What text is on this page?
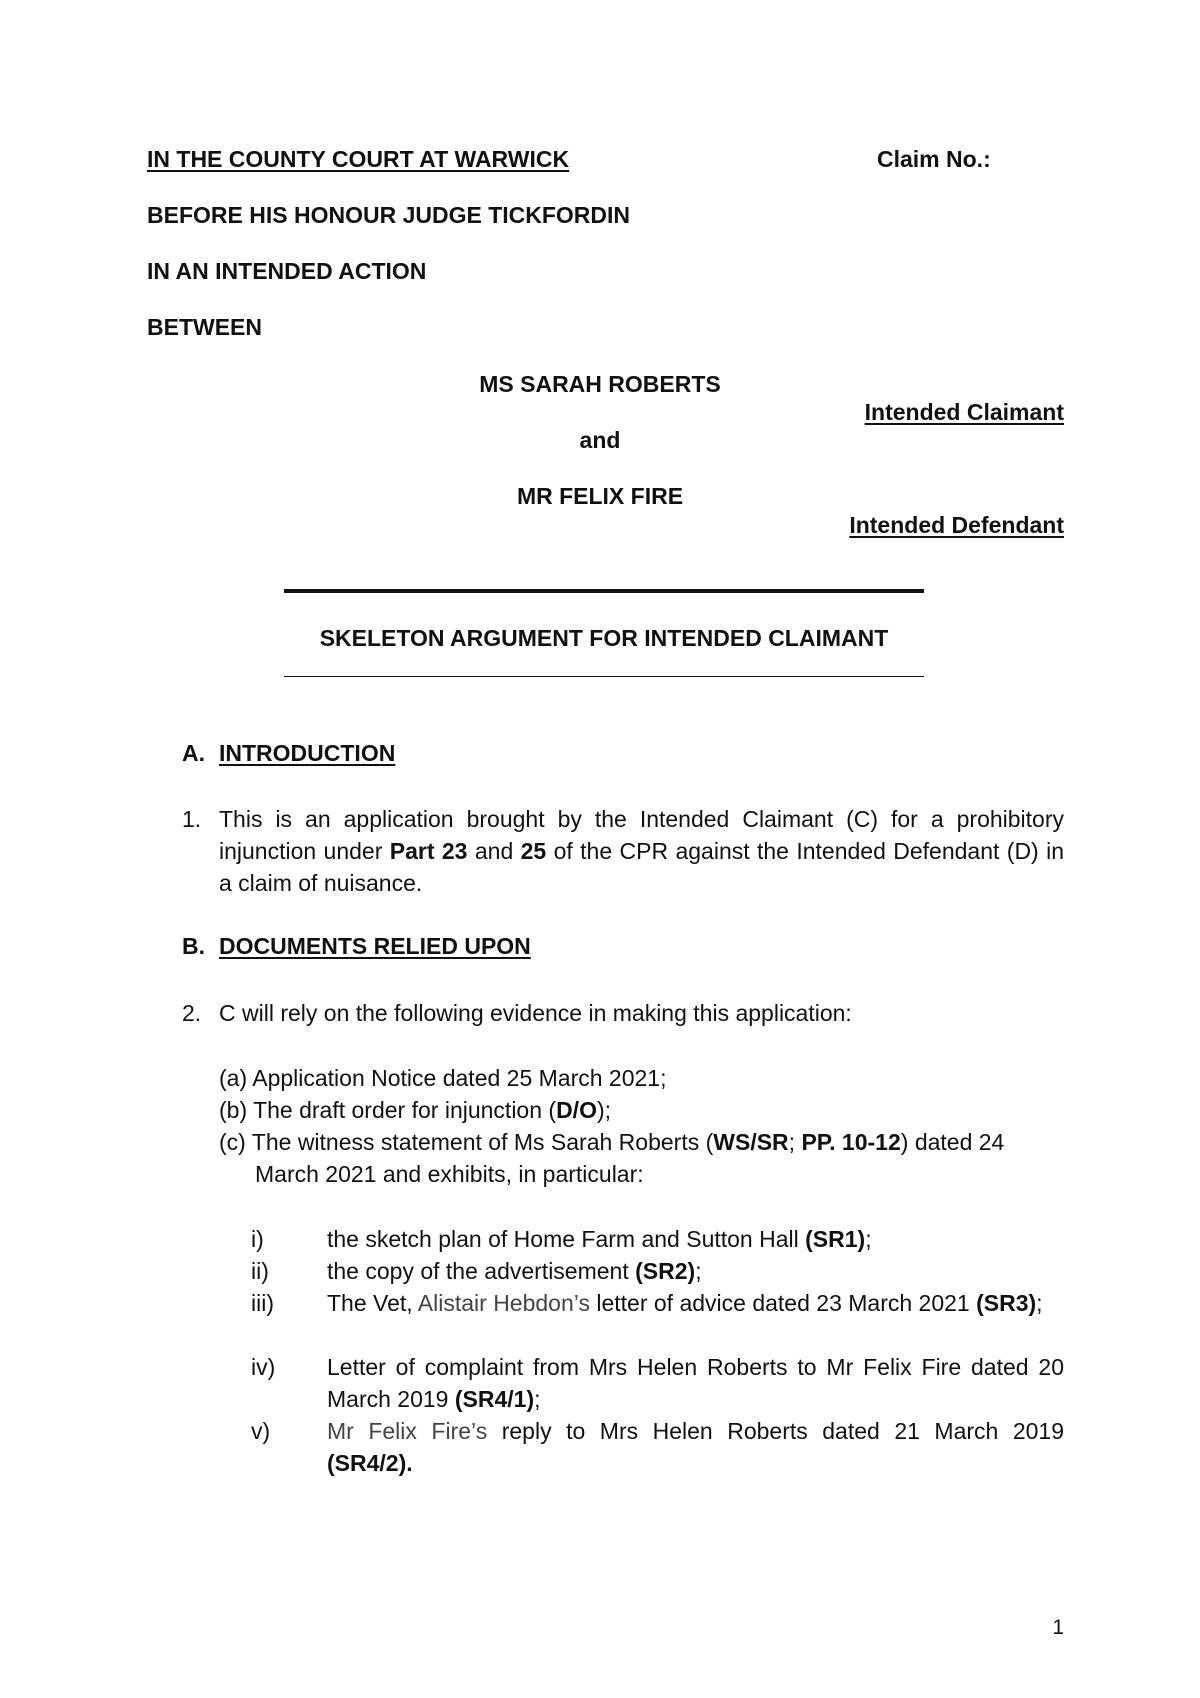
IN THE COUNTY COURT AT WARWICK	Claim No.:
BEFORE HIS HONOUR JUDGE TICKFORDIN
IN AN INTENDED ACTION
BETWEEN
MS SARAH ROBERTS
Intended Claimant
and
MR FELIX FIRE
Intended Defendant
SKELETON ARGUMENT FOR INTENDED CLAIMANT
A. INTRODUCTION
1. This is an application brought by the Intended Claimant (C) for a prohibitory injunction under Part 23 and 25 of the CPR against the Intended Defendant (D) in a claim of nuisance.
B. DOCUMENTS RELIED UPON
2. C will rely on the following evidence in making this application:
(a) Application Notice dated 25 March 2021;
(b) The draft order for injunction (D/O);
(c) The witness statement of Ms Sarah Roberts (WS/SR; PP. 10-12) dated 24
March 2021 and exhibits, in particular:
i)	the sketch plan of Home Farm and Sutton Hall (SR1);
ii)	the copy of the advertisement (SR2);
iii) The Vet, Alistair Hebdon’s letter of advice dated 23 March 2021 (SR3);
iv) Letter of complaint from Mrs Helen Roberts to Mr Felix Fire dated 20 March 2019 (SR4/1);
v) Mr Felix Fire’s reply to Mrs Helen Roberts dated 21 March 2019 (SR4/2).
1
